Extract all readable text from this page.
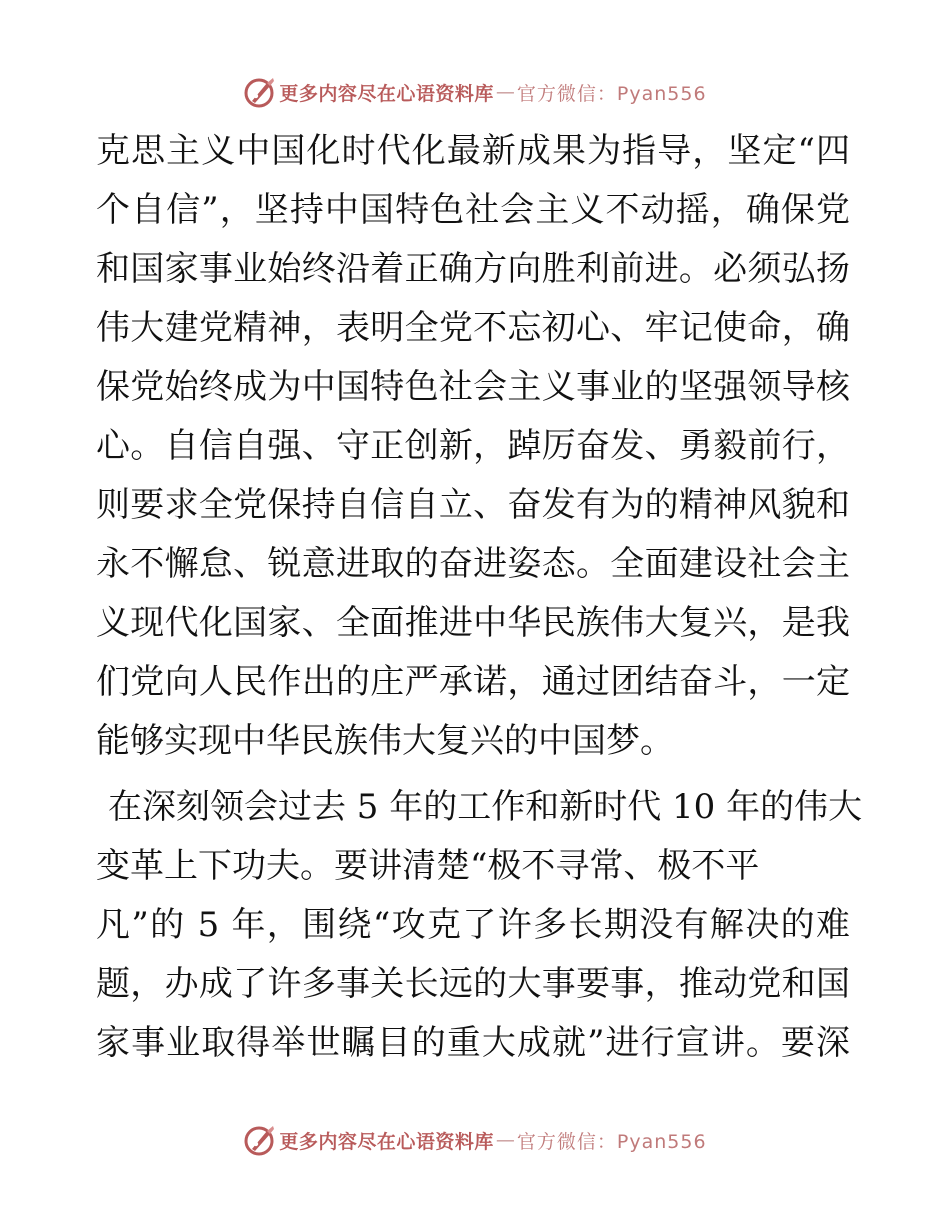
更多内容尽在心语资料库 — 官方微信：Pyan556
克思主义中国化时代化最新成果为指导，坚定“四
个自信”，坚持中国特色社会主义不动摇，确保党
和国家事业始终沿着正确方向胜利前进。必须弘扬
伟大建党精神，表明全党不忘初心、牢记使命，确
保党始终成为中国特色社会主义事业的坚强领导核
心。自信自强、守正创新，踔厉奋发、勇毅前行，
则要求全党保持自信自立、奋发有为的精神风貌和
永不懈怠、锐意进取的奋进姿态。全面建设社会主
义现代化国家、全面推进中华民族伟大复兴，是我
们党向人民作出的庄严承诺，通过团结奋斗，一定
能够实现中华民族伟大复兴的中国梦。
在深刻领会过去 5 年的工作和新时代 10 年的伟大
变革上下功夫。要讲清楚“极不寻常、极不平
凡”的 5 年，围绕“攻克了许多长期没有解决的难
题，办成了许多事关长远的大事要事，推动党和国
家事业取得举世瞩目的重大成就”进行宣讲。要深
更多内容尽在心语资料库 — 官方微信：Pyan556
